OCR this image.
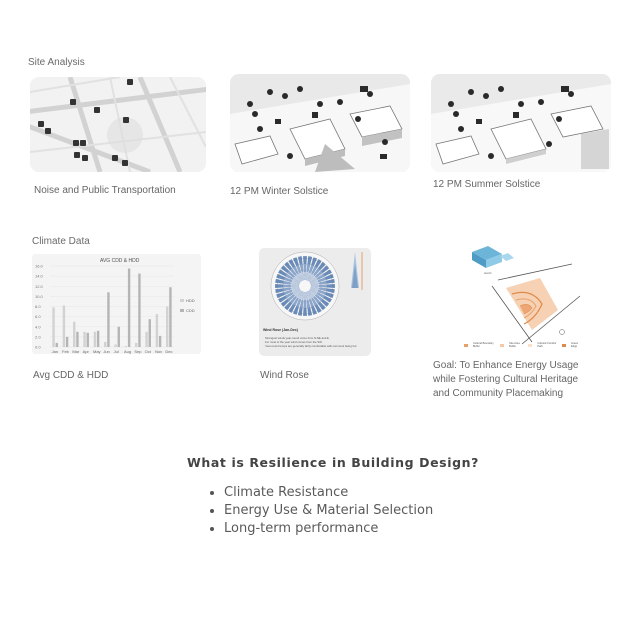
Site Analysis
Noise and Public Transportation	12 PM Winter Solstice
12 PM Summer Solstice
Climate Data
AVG CDD & HDD
0.0
2.0
4.0
6.0
8.0
10.0
12.0
14.0
16.0
Jan Feb Mar Apr May Jun Jul Aug Sep Oct Nov Dec
HDD
CDD
Avg CDD & HDD
Wind Rose (Jan-Dec)
Strongest winds year-round come from N-NE and E
For most of the year wind comes from the SW
Year-round temps are generally fairly comfortable with comment being hot
Wind Rose
sketch
Cultural Boundary Buffer
Site Area Buffer
Cultural Corridor Path
Green Edge
Goal: To Enhance Energy Usage
while Fostering Cultural Heritage
and Community Placemaking
What is Resilience in Building Design?
Climate Resistance
Energy Use & Material Selection
Long-term performance
